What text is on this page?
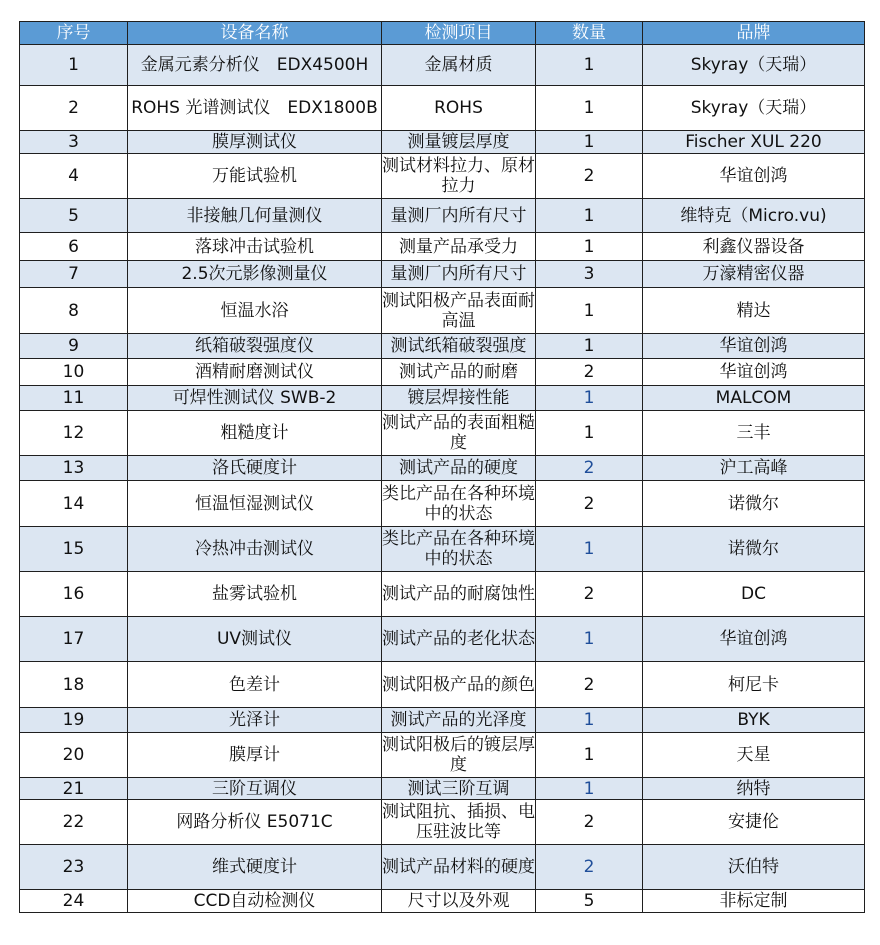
序号	设备名称	检测项目	数量	品牌
1	金属元素分析仪　EDX4500H	金属材质	1	Skyray（天瑞）
2	ROHS 光谱测试仪　EDX1800B	ROHS	1	Skyray（天瑞）
3	膜厚测试仪	测量镀层厚度	1	Fischer XUL 220
4	万能试验机	测试材料拉力、原材拉力	2	华谊创鸿
5	非接触几何量测仪	量测厂内所有尺寸	1	维特克（Micro.vu)
6	落球冲击试验机	测量产品承受力	1	利鑫仪器设备
7	2.5次元影像测量仪	量测厂内所有尺寸	3	万濠精密仪器
8	恒温水浴	测试阳极产品表面耐高温	1	精达
9	纸箱破裂强度仪	测试纸箱破裂强度	1	华谊创鸿
10	酒精耐磨测试仪	测试产品的耐磨	2	华谊创鸿
11	可焊性测试仪 SWB-2	镀层焊接性能	1	MALCOM
12	粗糙度计	测试产品的表面粗糙度	1	三丰
13	洛氏硬度计	测试产品的硬度	2	沪工高峰
14	恒温恒湿测试仪	类比产品在各种环境中的状态	2	诺微尔
15	冷热冲击测试仪	类比产品在各种环境中的状态	1	诺微尔
16	盐雾试验机	测试产品的耐腐蚀性	2	DC
17	UV测试仪	测试产品的老化状态	1	华谊创鸿
18	色差计	测试阳极产品的颜色	2	柯尼卡
19	光泽计	测试产品的光泽度	1	BYK
20	膜厚计	测试阳极后的镀层厚度	1	天星
21	三阶互调仪	测试三阶互调	1	纳特
22	网路分析仪 E5071C	测试阻抗、插损、电压驻波比等	2	安捷伦
23	维式硬度计	测试产品材料的硬度	2	沃伯特
24	CCD自动检测仪	尺寸以及外观	5	非标定制
